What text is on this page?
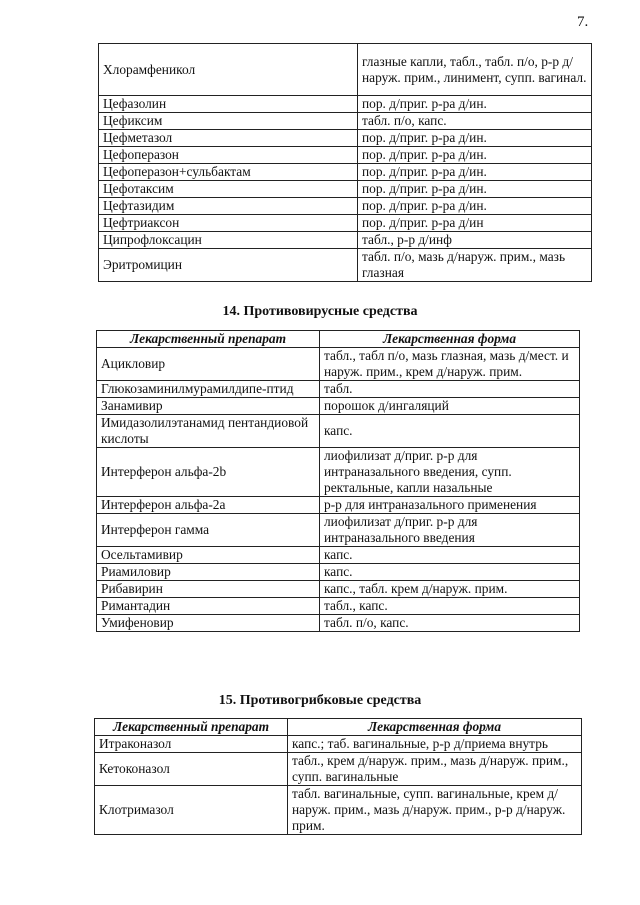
7.
Хлорамфеникол	глазные капли, табл., табл. п/о, р-р д/наруж. прим., линимент, супп. вагинал.
Цефазолин	пор. д/приг. р-ра д/ин.
Цефиксим	табл. п/о, капс.
Цефметазол	пор. д/приг. р-ра д/ин.
Цефоперазон	пор. д/приг. р-ра д/ин.
Цефоперазон+сульбактам	пор. д/приг. р-ра д/ин.
Цефотаксим	пор. д/приг. р-ра д/ин.
Цефтазидим	пор. д/приг. р-ра д/ин.
Цефтриаксон	пор. д/приг. р-ра д/ин
Ципрофлоксацин	табл., р-р д/инф
Эритромицин	табл. п/о, мазь д/наруж. прим., мазь глазная
14. Противовирусные средства
Лекарственный препарат	Лекарственная форма
Ацикловир	табл., табл п/о, мазь глазная, мазь д/мест. и наруж. прим., крем д/наруж. прим.
Глюкозаминилмурамилдипе-птид	табл.
Занамивир	порошок д/ингаляций
Имидазолилэтанамид пентандиовой кислоты	капс.
Интерферон альфа-2b	лиофилизат д/приг. р-р для интраназального введения, супп. ректальные, капли назальные
Интерферон альфа-2a	р-р для интраназального применения
Интерферон гамма	лиофилизат д/приг. р-р для интраназального введения
Осельтамивир	капс.
Риамиловир	капс.
Рибавирин	капс., табл. крем д/наруж. прим.
Римантадин	табл., капс.
Умифеновир	табл. п/о, капс.
15. Противогрибковые средства
Лекарственный препарат	Лекарственная форма
Итраконазол	капс.; таб. вагинальные, р-р д/приема внутрь
Кетоконазол	табл., крем д/наруж. прим., мазь д/наруж. прим., супп. вагинальные
Клотримазол	табл. вагинальные, супп. вагинальные, крем д/наруж. прим., мазь д/наруж. прим., р-р д/наруж. прим.
